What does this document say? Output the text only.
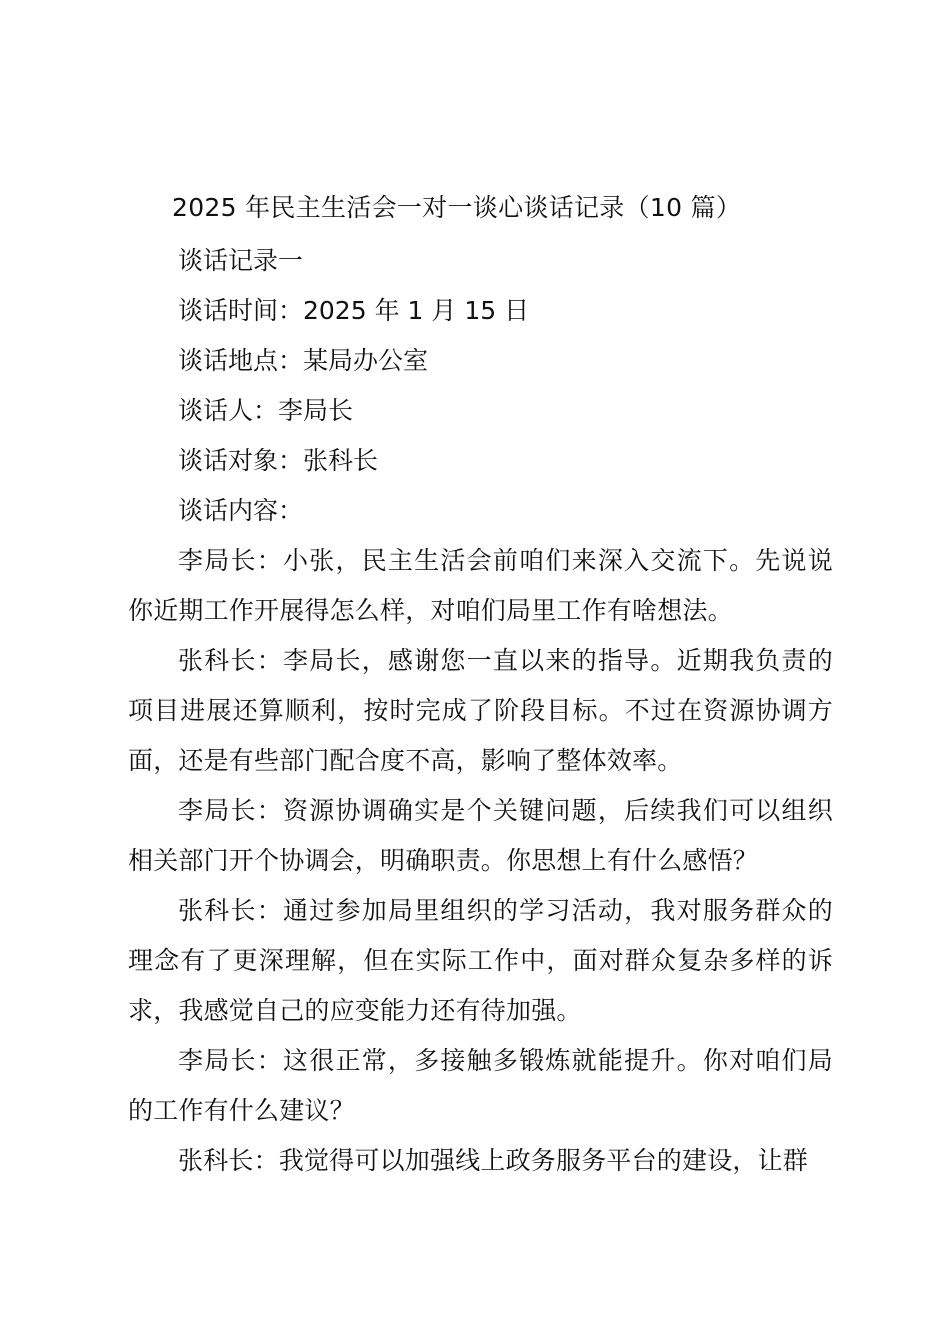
2025 年民主生活会一对一谈心谈话记录（10 篇）

谈话记录一

谈话时间：2025 年 1 月 15 日

谈话地点：某局办公室

谈话人：李局长

谈话对象：张科长

谈话内容：

李局长：小张，民主生活会前咱们来深入交流下。先说说你近期工作开展得怎么样，对咱们局里工作有啥想法。

张科长：李局长，感谢您一直以来的指导。近期我负责的项目进展还算顺利，按时完成了阶段目标。不过在资源协调方面，还是有些部门配合度不高，影响了整体效率。

李局长：资源协调确实是个关键问题，后续我们可以组织相关部门开个协调会，明确职责。你思想上有什么感悟？

张科长：通过参加局里组织的学习活动，我对服务群众的理念有了更深理解，但在实际工作中，面对群众复杂多样的诉求，我感觉自己的应变能力还有待加强。

李局长：这很正常，多接触多锻炼就能提升。你对咱们局的工作有什么建议？

张科长：我觉得可以加强线上政务服务平台的建设，让群
